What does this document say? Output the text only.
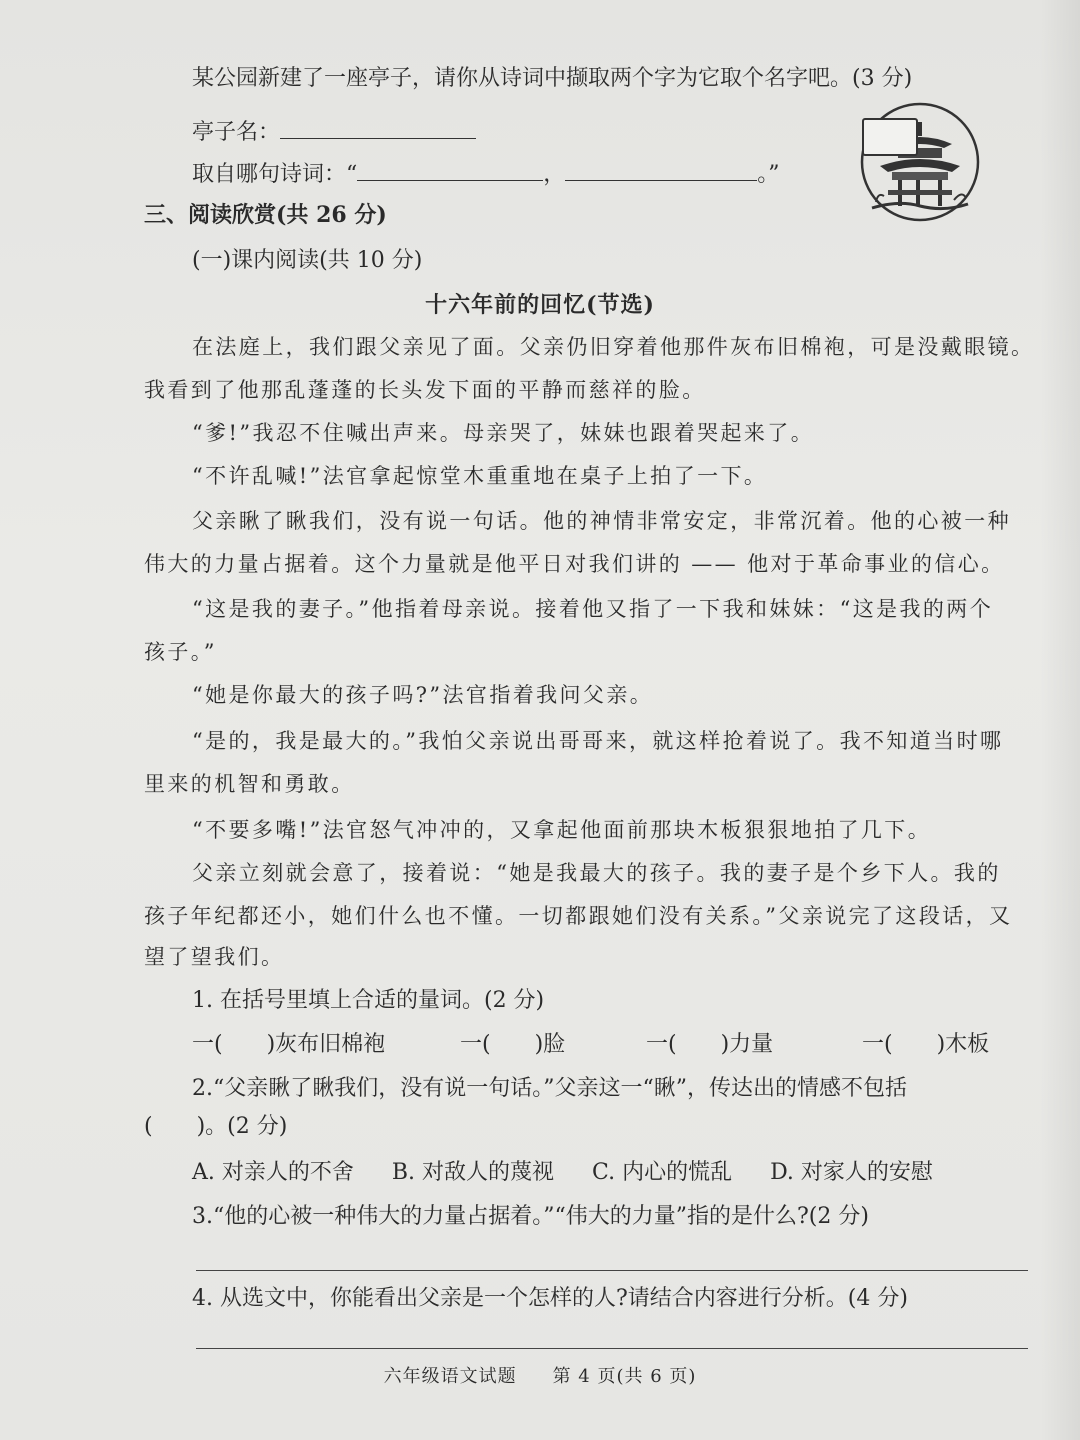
某公园新建了一座亭子，请你从诗词中撷取两个字为它取个名字吧。(3 分)
亭子名：
取自哪句诗词：“	，	。”
三、阅读欣赏(共 26 分)
(一)课内阅读(共 10 分)
十六年前的回忆(节选)
在法庭上，我们跟父亲见了面。父亲仍旧穿着他那件灰布旧棉袍，可是没戴眼镜。
我看到了他那乱蓬蓬的长头发下面的平静而慈祥的脸。
“爹!”我忍不住喊出声来。母亲哭了，妹妹也跟着哭起来了。
“不许乱喊!”法官拿起惊堂木重重地在桌子上拍了一下。
父亲瞅了瞅我们，没有说一句话。他的神情非常安定，非常沉着。他的心被一种
伟大的力量占据着。这个力量就是他平日对我们讲的 —— 他对于革命事业的信心。
“这是我的妻子。”他指着母亲说。接着他又指了一下我和妹妹：“这是我的两个
孩子。”
“她是你最大的孩子吗?”法官指着我问父亲。
“是的，我是最大的。”我怕父亲说出哥哥来，就这样抢着说了。我不知道当时哪
里来的机智和勇敢。
“不要多嘴!”法官怒气冲冲的，又拿起他面前那块木板狠狠地拍了几下。
父亲立刻就会意了，接着说：“她是我最大的孩子。我的妻子是个乡下人。我的
孩子年纪都还小，她们什么也不懂。一切都跟她们没有关系。”父亲说完了这段话，又
望了望我们。
1. 在括号里填上合适的量词。(2 分)
一(　　)灰布旧棉袍	一(　　)脸	一(　　)力量	一(　　)木板
2.“父亲瞅了瞅我们，没有说一句话。”父亲这一“瞅”，传达出的情感不包括
(　　)。(2 分)
A. 对亲人的不舍 B. 对敌人的蔑视 C. 内心的慌乱 D. 对家人的安慰
3.“他的心被一种伟大的力量占据着。”“伟大的力量”指的是什么?(2 分)
4. 从选文中，你能看出父亲是一个怎样的人?请结合内容进行分析。(4 分)
六年级语文试题 第 4 页(共 6 页)
